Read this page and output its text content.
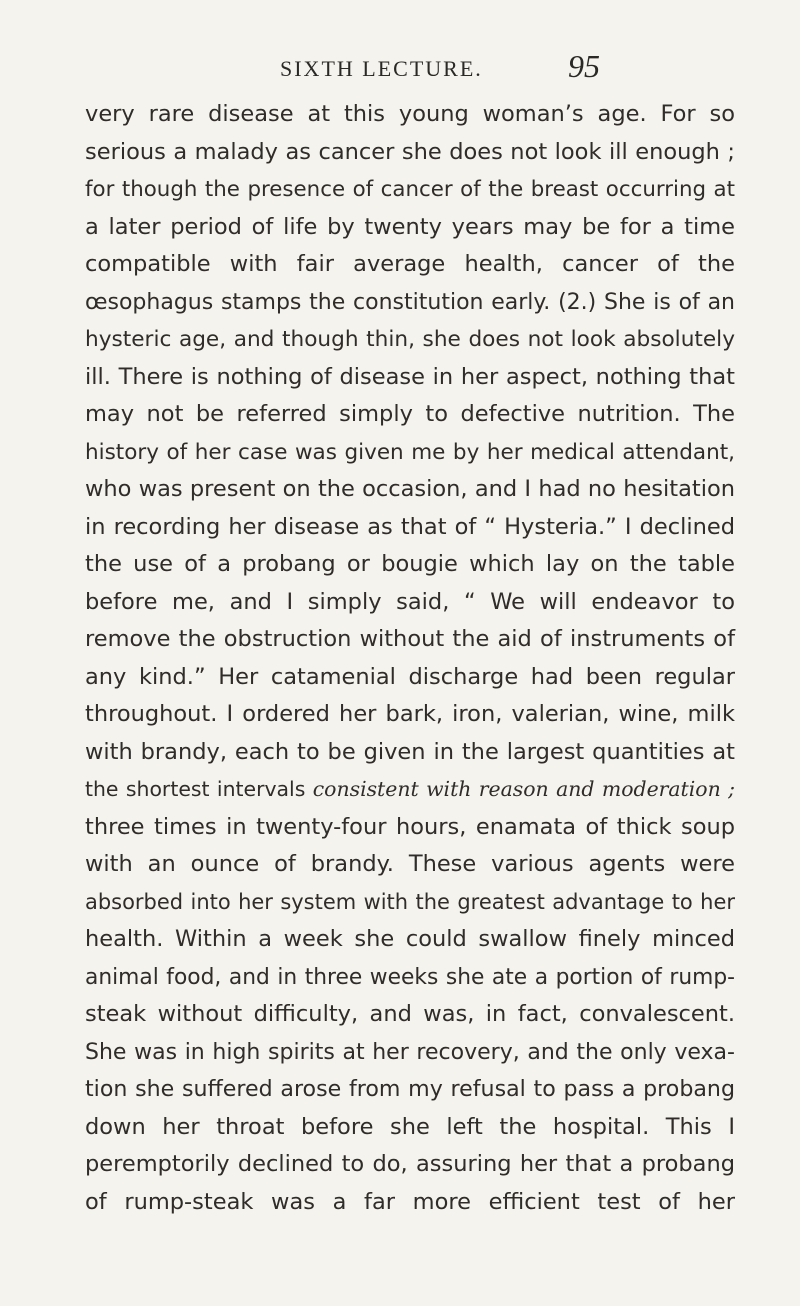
SIXTH LECTURE.	95
very rare disease at this young woman’s age. For so
serious a malady as cancer she does not look ill enough ;
for though the presence of cancer of the breast occurring at
a later period of life by twenty years may be for a time
compatible with fair average health, cancer of the
œsophagus stamps the constitution early. (2.) She is of an
hysteric age, and though thin, she does not look absolutely
ill. There is nothing of disease in her aspect, nothing that
may not be referred simply to defective nutrition. The
history of her case was given me by her medical attendant,
who was present on the occasion, and I had no hesitation
in recording her disease as that of “ Hysteria.” I declined
the use of a probang or bougie which lay on the table
before me, and I simply said, “ We will endeavor to
remove the obstruction without the aid of instruments of
any kind.” Her catamenial discharge had been regular
throughout. I ordered her bark, iron, valerian, wine, milk
with brandy, each to be given in the largest quantities at
the shortest intervals consistent with reason and moderation ;
three times in twenty-four hours, enamata of thick soup
with an ounce of brandy. These various agents were
absorbed into her system with the greatest advantage to her
health. Within a week she could swallow finely minced
animal food, and in three weeks she ate a portion of rump-
steak without difficulty, and was, in fact, convalescent.
She was in high spirits at her recovery, and the only vexa-
tion she suffered arose from my refusal to pass a probang
down her throat before she left the hospital. This I
peremptorily declined to do, assuring her that a probang
of rump-steak was a far more efficient test of her
